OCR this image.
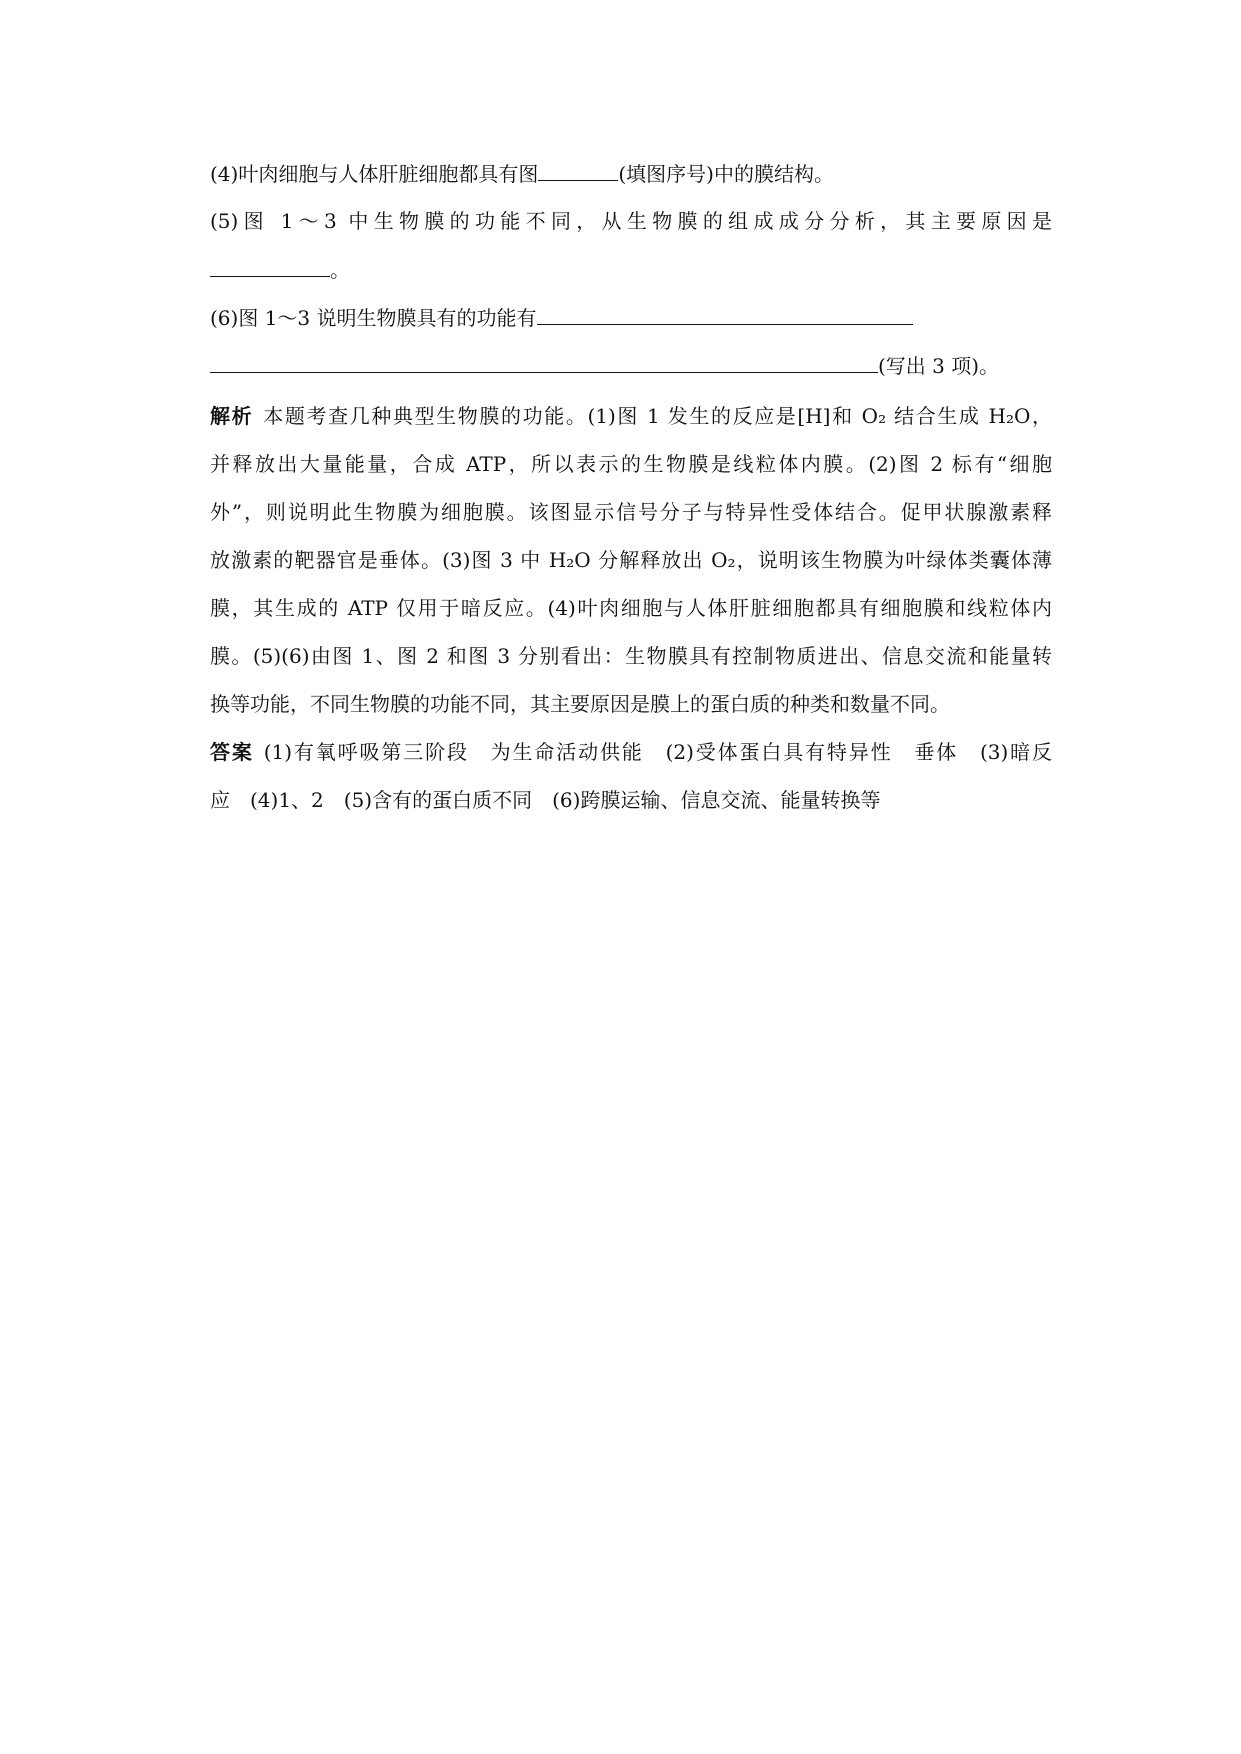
(4)叶肉细胞与人体肝脏细胞都具有图	(填图序号)中的膜结构。
(5)图 1～3 中生物膜的功能不同，从生物膜的组成成分分析，其主要原因是
。
(6)图 1～3 说明生物膜具有的功能有
(写出 3 项)。
解析 本题考查几种典型生物膜的功能。(1)图 1 发生的反应是[H]和 O₂ 结合生成 H₂O，
并释放出大量能量，合成 ATP，所以表示的生物膜是线粒体内膜。(2)图 2 标有“细胞
外”，则说明此生物膜为细胞膜。该图显示信号分子与特异性受体结合。促甲状腺激素释
放激素的靶器官是垂体。(3)图 3 中 H₂O 分解释放出 O₂，说明该生物膜为叶绿体类囊体薄
膜，其生成的 ATP 仅用于暗反应。(4)叶肉细胞与人体肝脏细胞都具有细胞膜和线粒体内
膜。(5)(6)由图 1、图 2 和图 3 分别看出：生物膜具有控制物质进出、信息交流和能量转
换等功能，不同生物膜的功能不同，其主要原因是膜上的蛋白质的种类和数量不同。
答案 (1)有氧呼吸第三阶段　为生命活动供能　(2)受体蛋白具有特异性　垂体　(3)暗反
应　(4)1、2　(5)含有的蛋白质不同　(6)跨膜运输、信息交流、能量转换等
